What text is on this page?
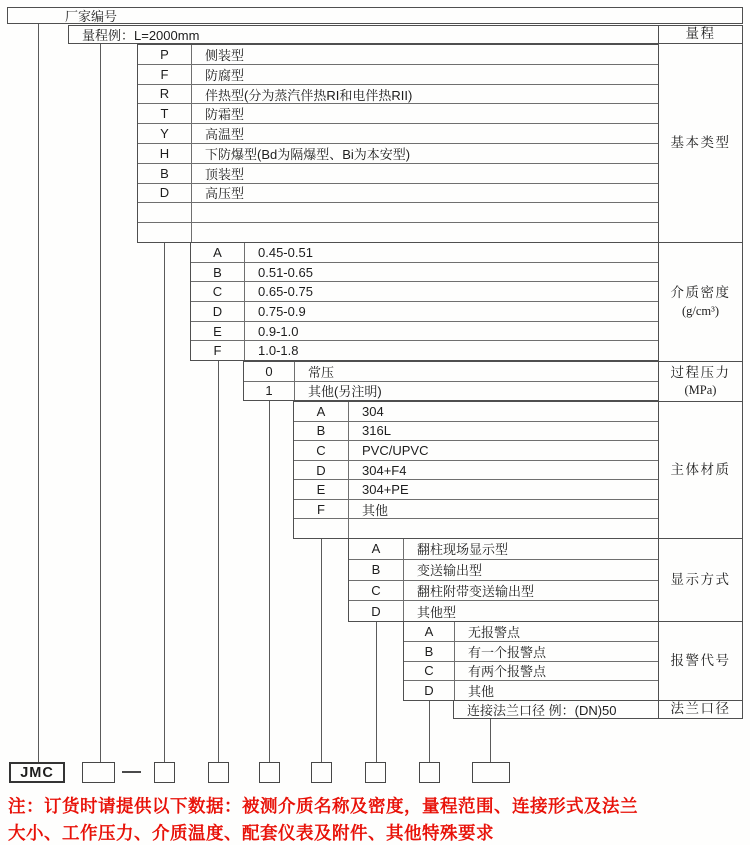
厂家编号
量程例：L=2000mm
连接法兰口径 例：(DN)50
注：订货时请提供以下数据：被测介质名称及密度，量程范围、连接形式及法兰
大小、工作压力、介质温度、配套仪表及附件、其他特殊要求
P	侧装型
F	防腐型
R	伴热型(分为蒸汽伴热RI和电伴热RII)
T	防霜型
Y	高温型
H	下防爆型(Bd为隔爆型、Bi为本安型)
B	顶装型
D	高压型
A	0.45-0.51
B	0.51-0.65
C	0.65-0.75
D	0.75-0.9
E	0.9-1.0
F	1.0-1.8
0	常压
1	其他(另注明)
A	304
B	316L
C	PVC/UPVC
D	304+F4
E	304+PE
F	其他
A	翻柱现场显示型
B	变送输出型
C	翻柱附带变送输出型
D	其他型
A	无报警点
B	有一个报警点
C	有两个报警点
D	其他
量程
基本类型
介质密度
(g/cm³)
过程压力
(MPa)
主体材质
显示方式
报警代号
法兰口径
JMC
